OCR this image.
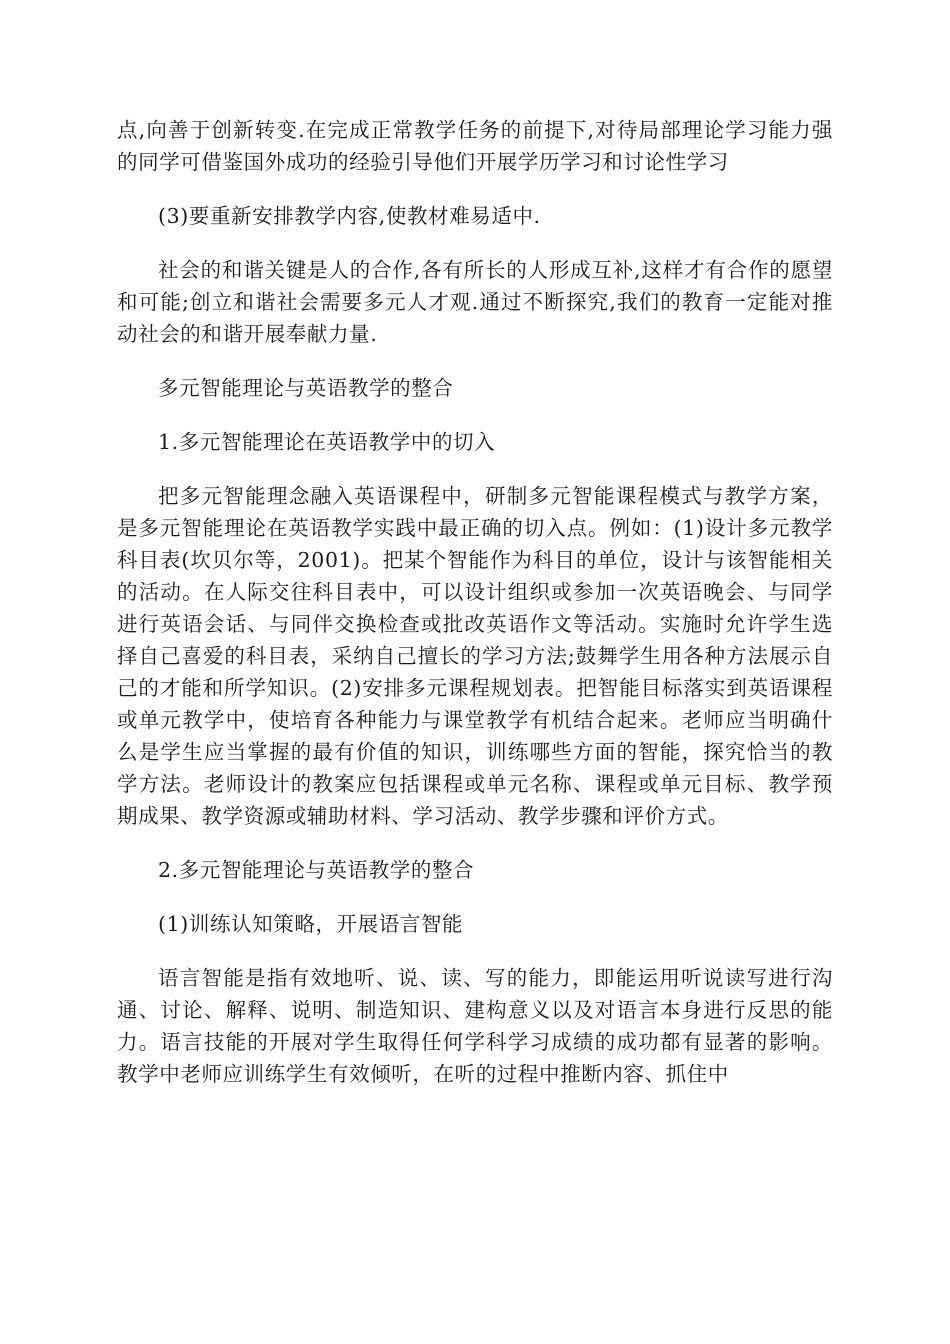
点,向善于创新转变.在完成正常教学任务的前提下,对待局部理论学习能力强的同学可借鉴国外成功的经验引导他们开展学历学习和讨论性学习

(3)要重新安排教学内容,使教材难易适中.

社会的和谐关键是人的合作,各有所长的人形成互补,这样才有合作的愿望和可能;创立和谐社会需要多元人才观.通过不断探究,我们的教育一定能对推动社会的和谐开展奉献力量.

多元智能理论与英语教学的整合

1.多元智能理论在英语教学中的切入

把多元智能理念融入英语课程中，研制多元智能课程模式与教学方案，是多元智能理论在英语教学实践中最正确的切入点。例如：(1)设计多元教学科目表(坎贝尔等，2001)。把某个智能作为科目的单位，设计与该智能相关的活动。在人际交往科目表中，可以设计组织或参加一次英语晚会、与同学进行英语会话、与同伴交换检查或批改英语作文等活动。实施时允许学生选择自己喜爱的科目表，采纳自己擅长的学习方法;鼓舞学生用各种方法展示自己的才能和所学知识。(2)安排多元课程规划表。把智能目标落实到英语课程或单元教学中，使培育各种能力与课堂教学有机结合起来。老师应当明确什么是学生应当掌握的最有价值的知识，训练哪些方面的智能，探究恰当的教学方法。老师设计的教案应包括课程或单元名称、课程或单元目标、教学预期成果、教学资源或辅助材料、学习活动、教学步骤和评价方式。

2.多元智能理论与英语教学的整合

(1)训练认知策略，开展语言智能

语言智能是指有效地听、说、读、写的能力，即能运用听说读写进行沟通、讨论、解释、说明、制造知识、建构意义以及对语言本身进行反思的能力。语言技能的开展对学生取得任何学科学习成绩的成功都有显著的影响。教学中老师应训练学生有效倾听，在听的过程中推断内容、抓住中
